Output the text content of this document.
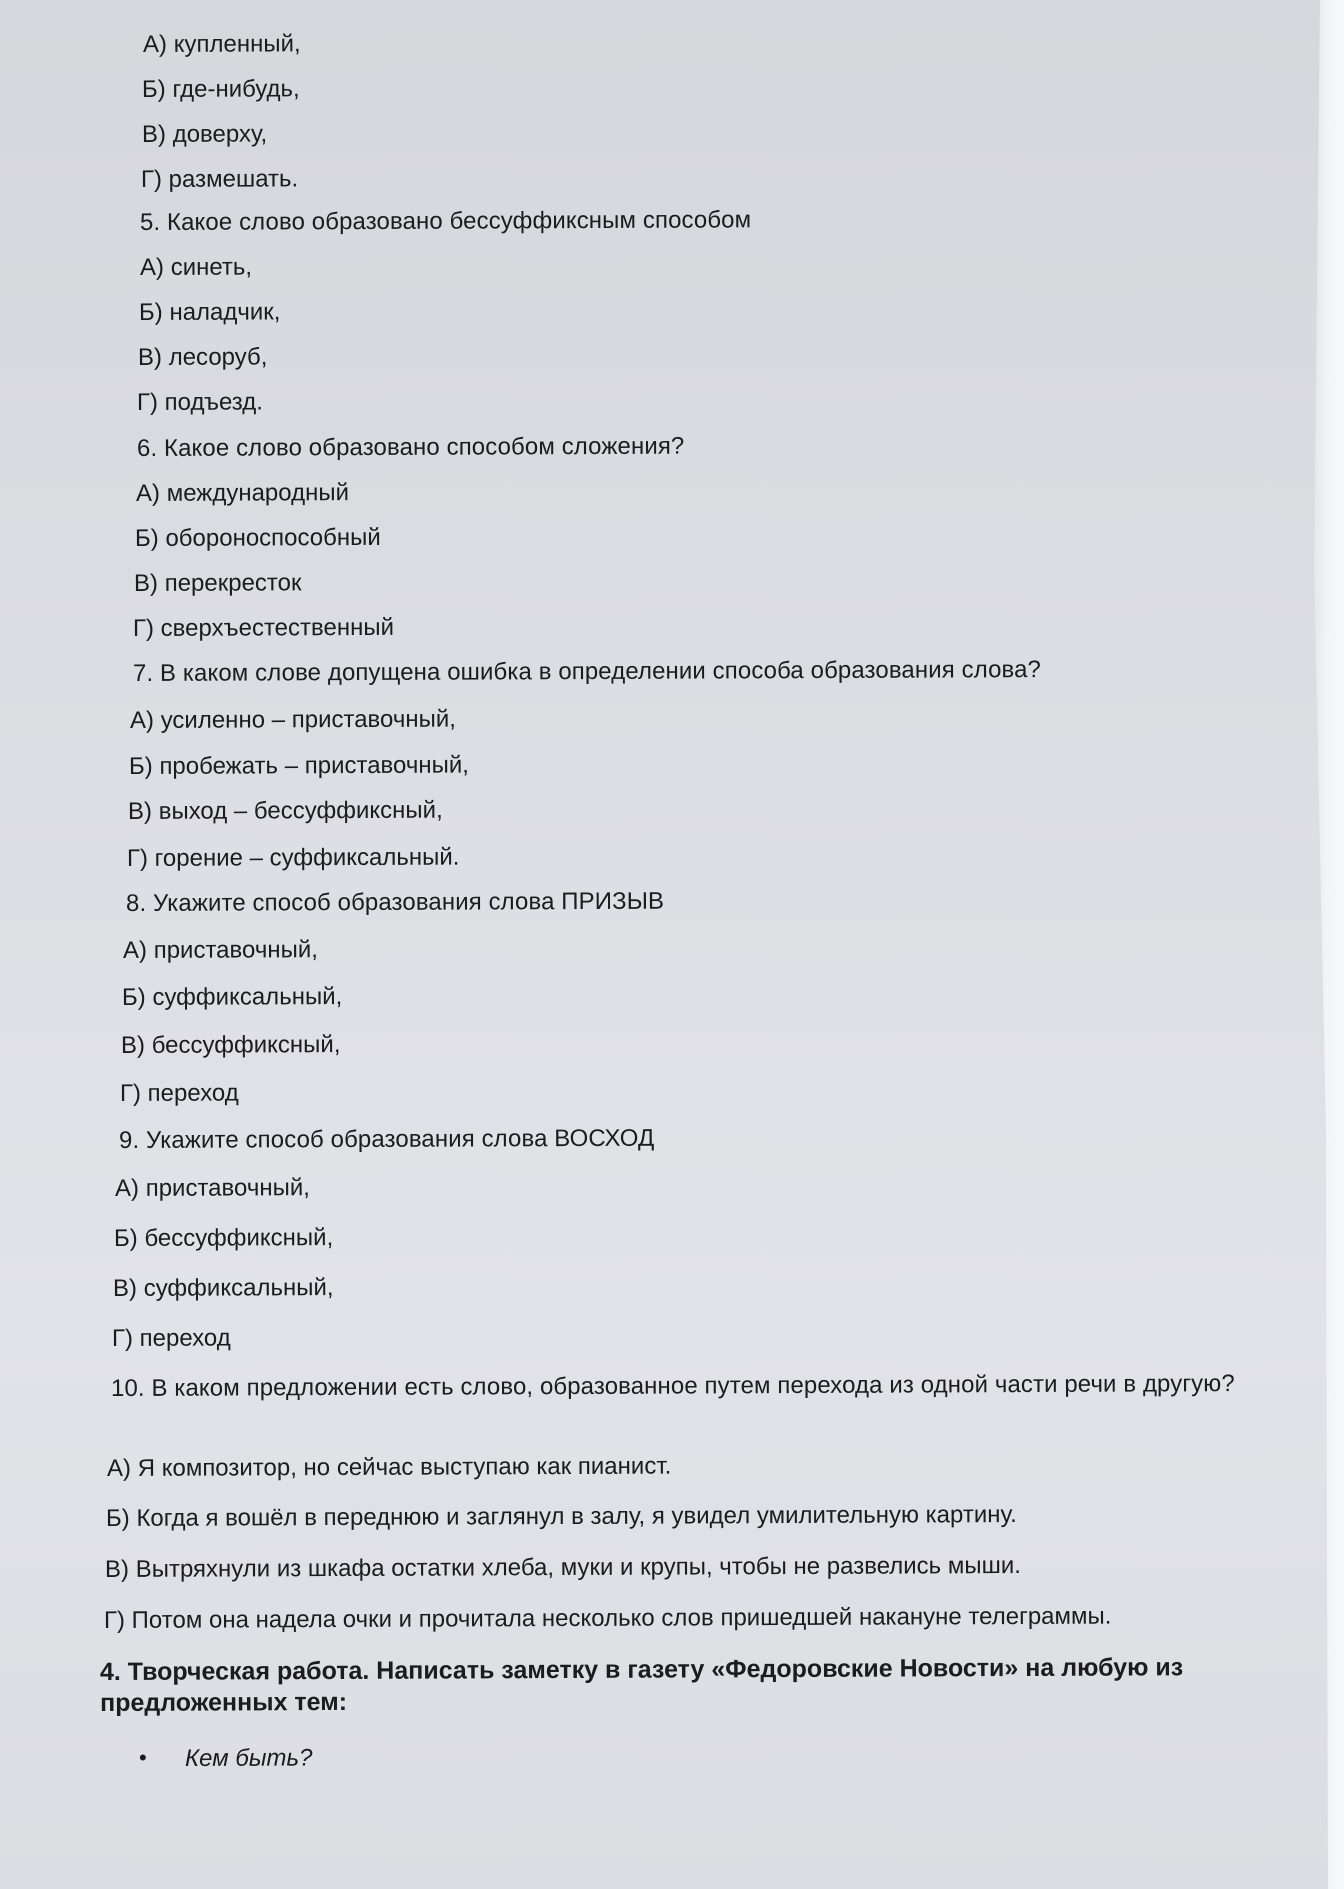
А) купленный,
Б) где-нибудь,
В) доверху,
Г) размешать.
5. Какое слово образовано бессуффиксным способом
А) синеть,
Б) наладчик,
В) лесоруб,
Г) подъезд.
6. Какое слово образовано способом сложения?
А) международный
Б) обороноспособный
В) перекресток
Г) сверхъестественный
7. В каком слове допущена ошибка в определении способа образования слова?
А) усиленно – приставочный,
Б) пробежать – приставочный,
В) выход – бессуффиксный,
Г) горение – суффиксальный.
8. Укажите способ образования слова ПРИЗЫВ
А) приставочный,
Б) суффиксальный,
В) бессуффиксный,
Г) переход
9. Укажите способ образования слова ВОСХОД
А) приставочный,
Б) бессуффиксный,
В) суффиксальный,
Г) переход
10. В каком предложении есть слово, образованное путем перехода из одной части речи в другую?
А) Я композитор, но сейчас выступаю как пианист.
Б) Когда я вошёл в переднюю и заглянул в залу, я увидел умилительную картину.
В) Вытряхнули из шкафа остатки хлеба, муки и крупы, чтобы не развелись мыши.
Г) Потом она надела очки и прочитала несколько слов пришедшей накануне телеграммы.
4. Творческая работа. Написать заметку в газету «Федоровские Новости» на любую из предложенных тем:
• Кем быть?
